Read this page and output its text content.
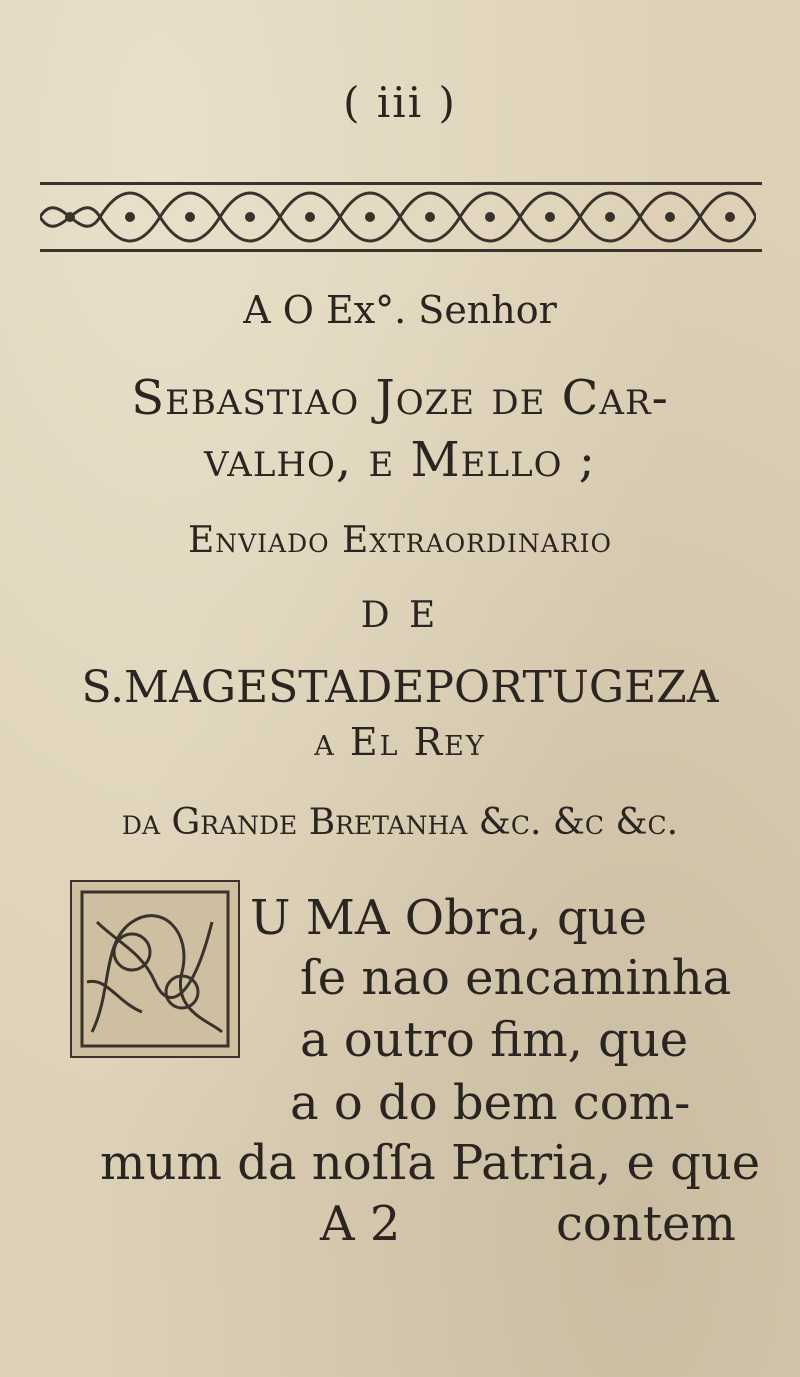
( iii )
A O Ex°. Senhor
Sebastiao Joze de Car-
valho, e Mello ;
Enviado Extraordinario
D E
S.MAGESTADEPORTUGEZA
a El Rey
da Grande Bretanha &c. &c &c.
U MA Obra, que
ſe nao encaminha
a outro fim, que
a o do bem com-
mum da noſſa Patria, e que
A 2	contem
